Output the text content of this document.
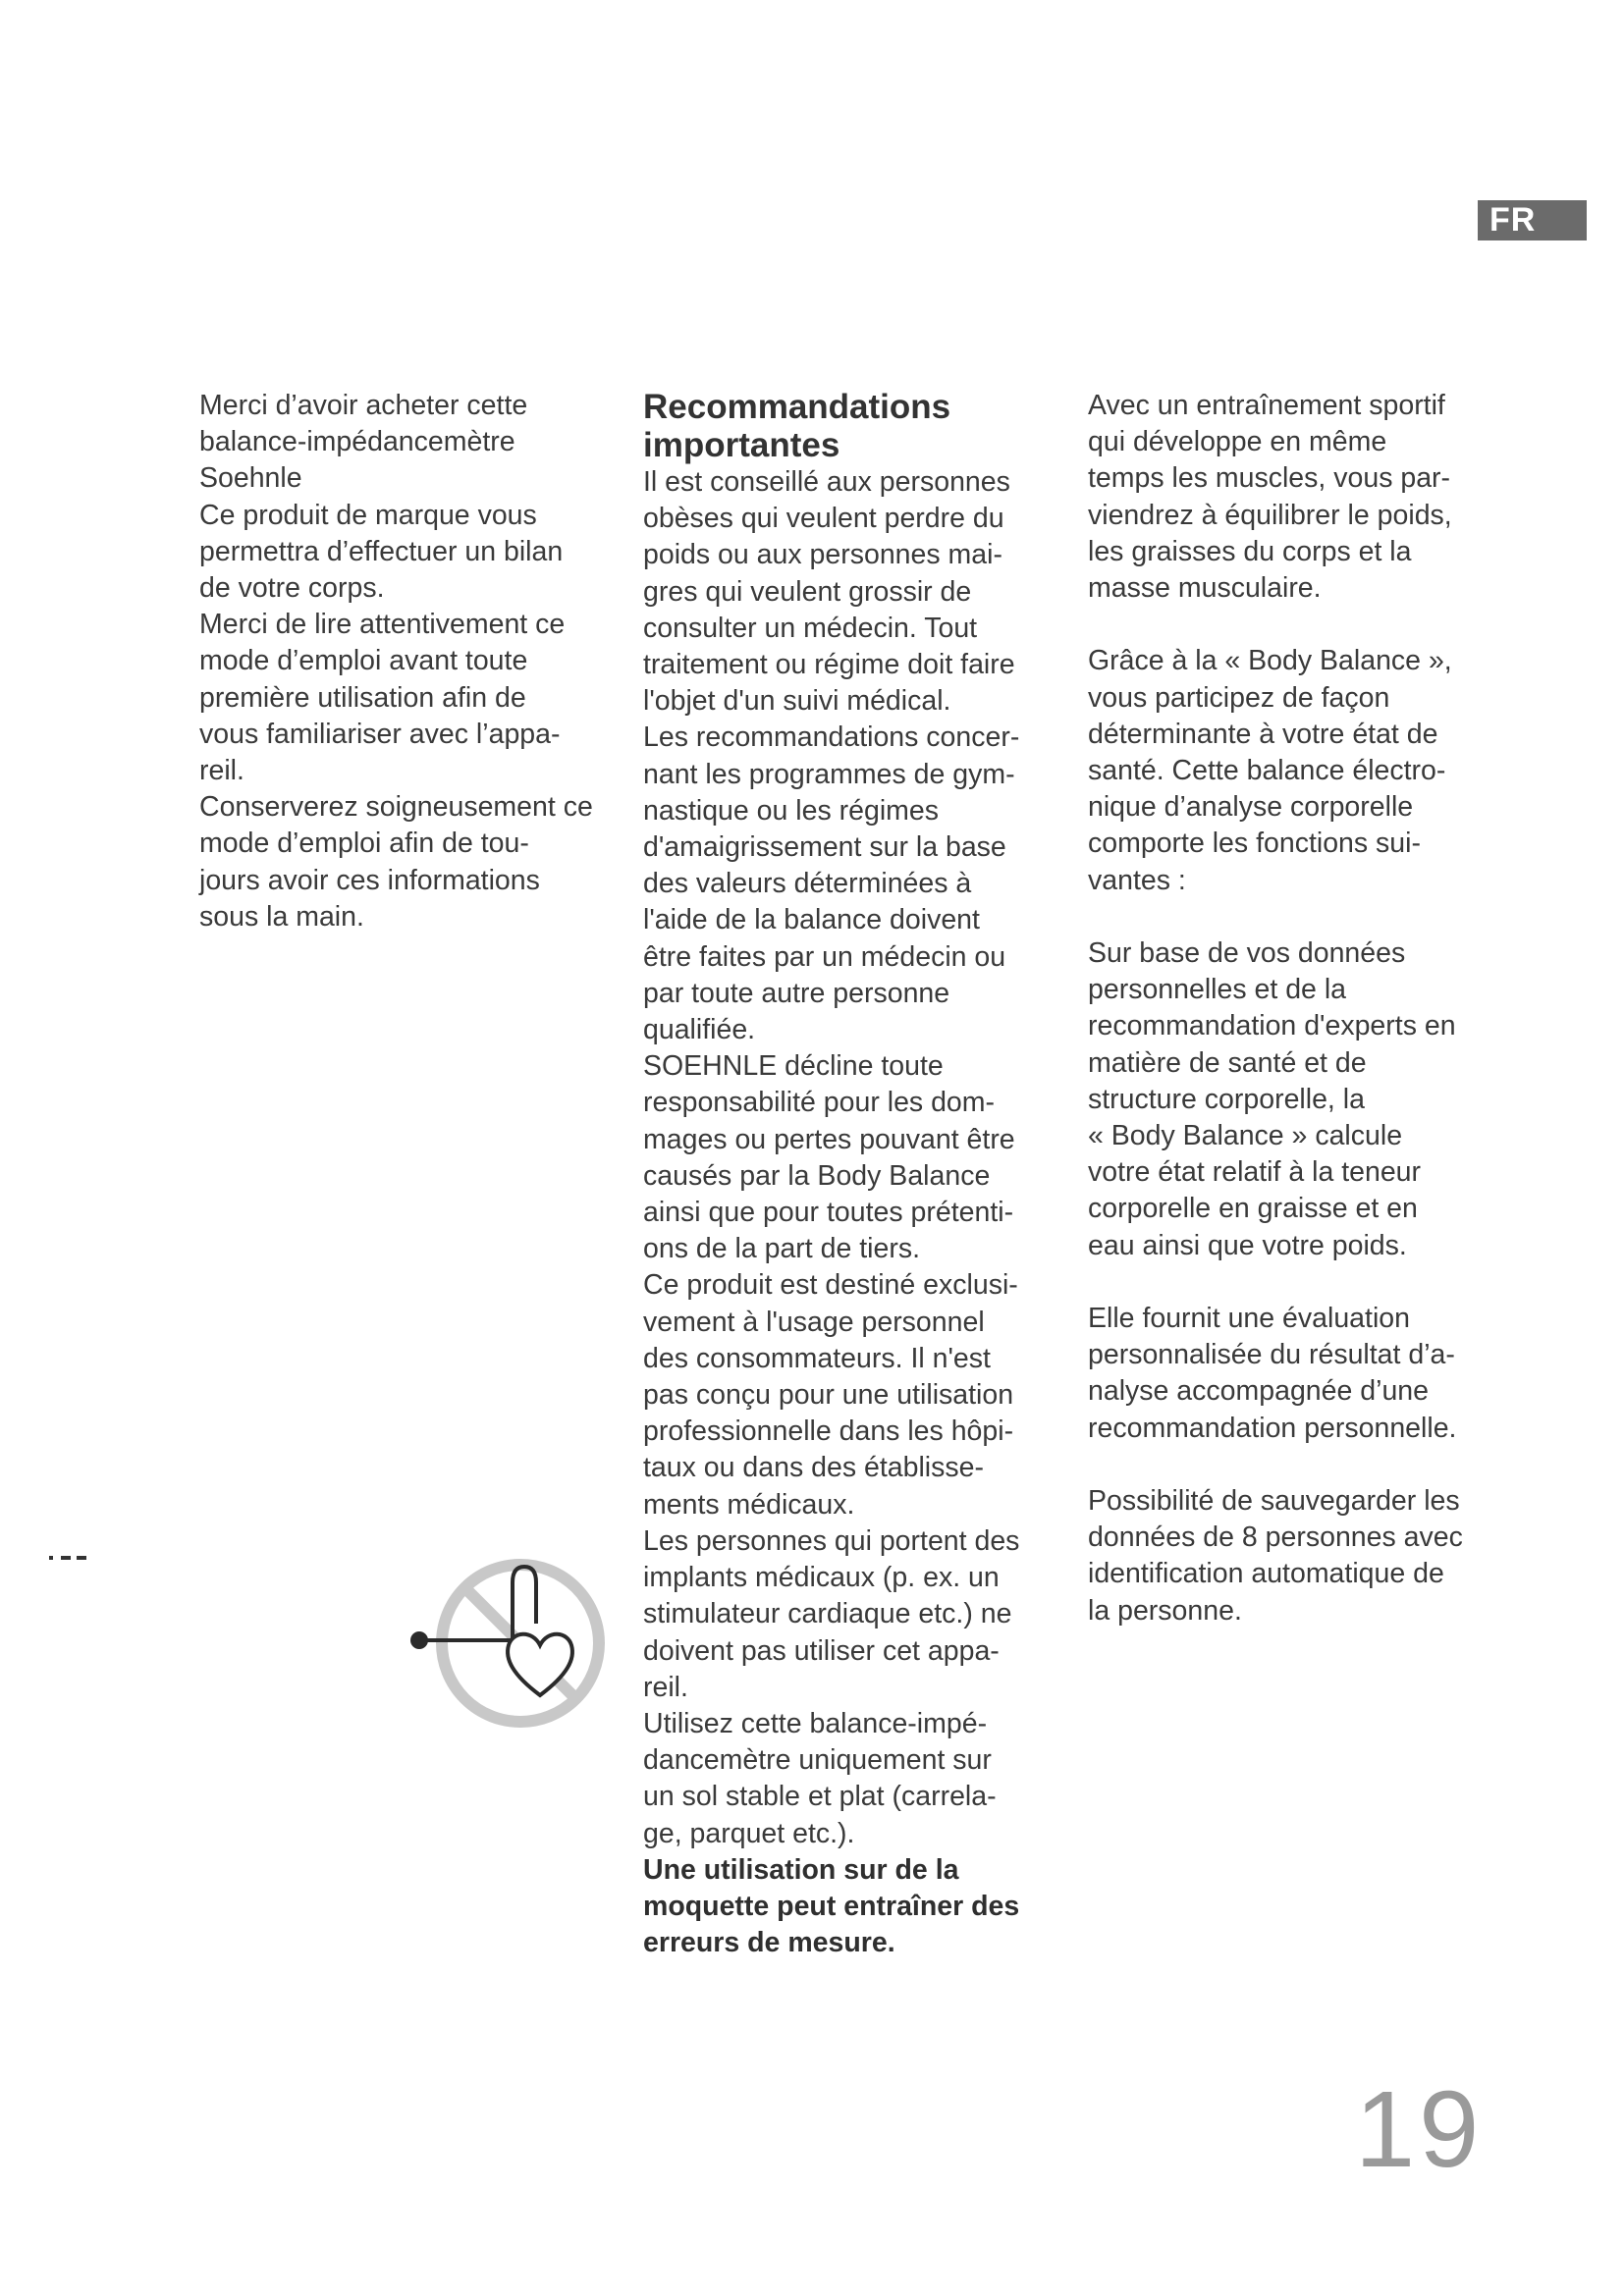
FR

Merci d’avoir acheter cette
balance-impédancemètre
Soehnle
Ce produit de marque vous
permettra d’effectuer un bilan
de votre corps.
Merci de lire attentivement ce
mode d’emploi avant toute
première utilisation afin de
vous familiariser avec l’appa-
reil.
Conserverez soigneusement ce
mode d’emploi afin de tou-
jours avoir ces informations
sous la main.

Recommandations
importantes

Il est conseillé aux personnes
obèses qui veulent perdre du
poids ou aux personnes mai-
gres qui veulent grossir de
consulter un médecin. Tout
traitement ou régime doit faire
l'objet d'un suivi médical.
Les recommandations concer-
nant les programmes de gym-
nastique ou les régimes
d'amaigrissement sur la base
des valeurs déterminées à
l'aide de la balance doivent
être faites par un médecin ou
par toute autre personne
qualifiée.
SOEHNLE décline toute
responsabilité pour les dom-
mages ou pertes pouvant être
causés par la Body Balance
ainsi que pour toutes prétenti-
ons de la part de tiers.
Ce produit est destiné exclusi-
vement à l'usage personnel
des consommateurs. Il n'est
pas conçu pour une utilisation
professionnelle dans les hôpi-
taux ou dans des établisse-
ments médicaux.
Les personnes qui portent des
implants médicaux (p. ex. un
stimulateur cardiaque etc.) ne
doivent pas utiliser cet appa-
reil.
Utilisez cette balance-impé-
dancemètre uniquement sur
un sol stable et plat (carrela-
ge, parquet etc.).

Une utilisation sur de la
moquette peut entraîner des
erreurs de mesure.

Avec un entraînement sportif
qui développe en même
temps les muscles, vous par-
viendrez à équilibrer le poids,
les graisses du corps et la
masse musculaire.

Grâce à la « Body Balance »,
vous participez de façon
déterminante à votre état de
santé. Cette balance électro-
nique d’analyse corporelle
comporte les fonctions sui-
vantes :

Sur base de vos données
personnelles et de la
recommandation d'experts en
matière de santé et de
structure corporelle, la
« Body Balance » calcule
votre état relatif à la teneur
corporelle en graisse et en
eau ainsi que votre poids.

Elle fournit une évaluation
personnalisée du résultat d’a-
nalyse accompagnée d’une
recommandation personnelle.

Possibilité de sauvegarder les
données de 8 personnes avec
identification automatique de
la personne.

19
